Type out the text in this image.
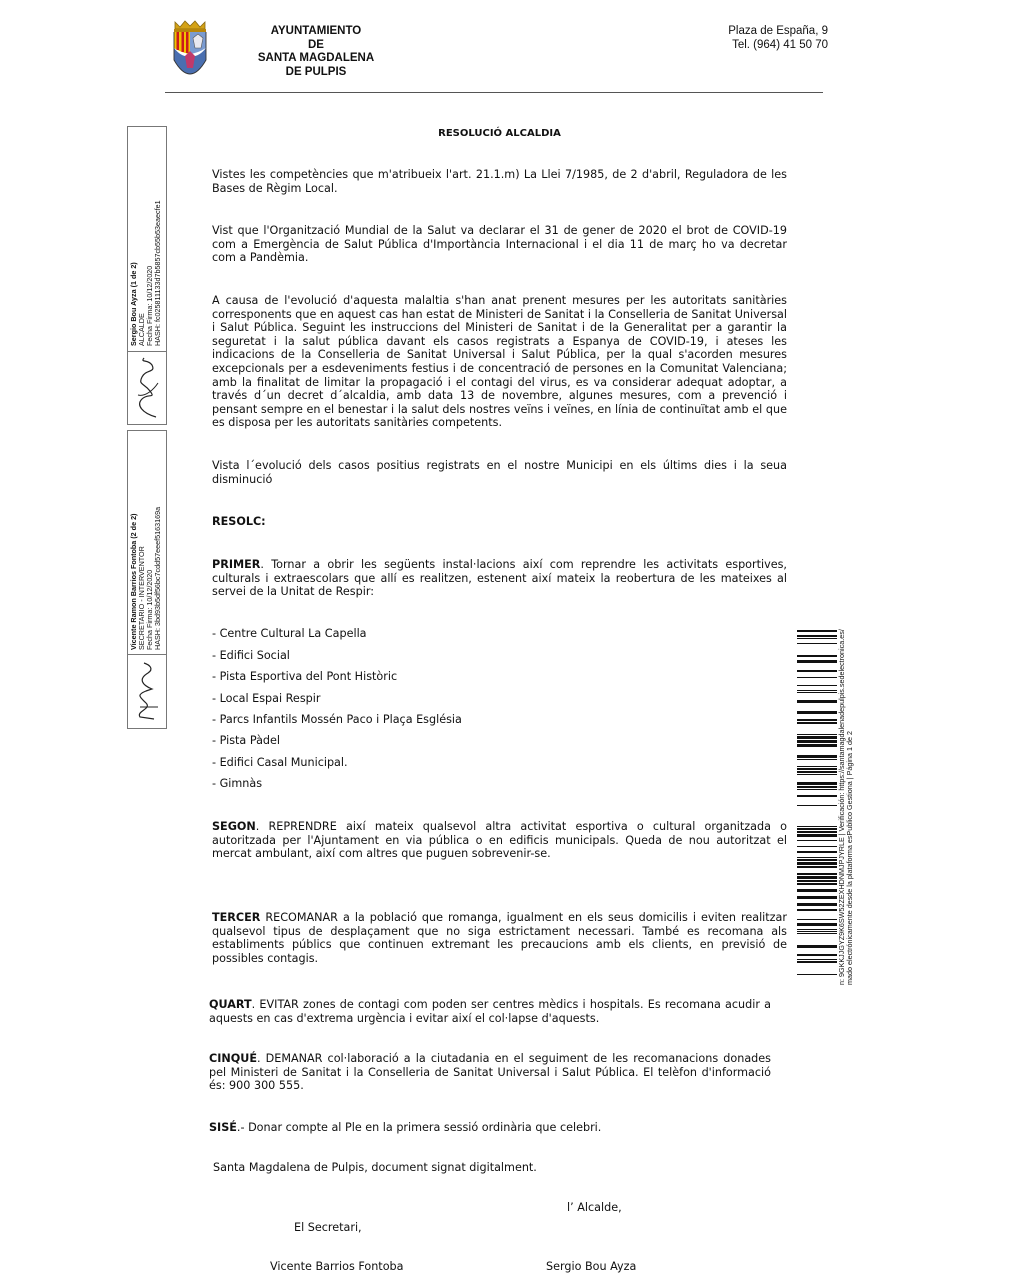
AYUNTAMIENTO
DE
SANTA MAGDALENA
DE PULPIS
Plaza de España, 9
Tel. (964) 41 50 70
Sergio Bou Ayza (1 de 2) ALCALDE Fecha Firma: 10/12/2020 HASH: fc025811133d7b5857cb55b53eaecfe1
Vicente Ramon Barrios Fontoba (2 de 2) SECRETARIO - INTERVENTOR Fecha Firma: 10/12/2020 HASH: 3bd93b5df56bc7cdd57eeef5163169a
n: 9GKKJJGYZ9K6SW52ZEXHDNMJPJYRLE | Verificación: https://santamagdalenadepulpis.sedelectronica.es/ mado electrónicamente desde la plataforma esPublico Gestiona | Página 1 de 2
RESOLUCIÓ ALCALDIA
Vistes les competències que m'atribueix l'art. 21.1.m) La Llei 7/1985, de 2 d'abril, Reguladora de les Bases de Règim Local.
Vist que l'Organització Mundial de la Salut va declarar el 31 de gener de 2020 el brot de COVID-19 com a Emergència de Salut Pública d'Importància Internacional i el dia 11 de març ho va decretar com a Pandèmia.
A causa de l'evolució d'aquesta malaltia s'han anat prenent mesures per les autoritats sanitàries corresponents que en aquest cas han estat de Ministeri de Sanitat i la Conselleria de Sanitat Universal i Salut Pública. Seguint les instruccions del Ministeri de Sanitat i de la Generalitat per a garantir la seguretat i la salut pública davant els casos registrats a Espanya de COVID-19, i ateses les indicacions de la Conselleria de Sanitat Universal i Salut Pública, per la qual s'acorden mesures excepcionals per a esdeveniments festius i de concentració de persones en la Comunitat Valenciana; amb la finalitat de limitar la propagació i el contagi del virus, es va considerar adequat adoptar, a través d´un decret d´alcaldia, amb data 13 de novembre, algunes mesures, com a prevenció i pensant sempre en el benestar i la salut dels nostres veïns i veïnes, en línia de continuïtat amb el que es disposa per les autoritats sanitàries competents.
Vista l´evolució dels casos positius registrats en el nostre Municipi en els últims dies i la seua disminució
RESOLC:
PRIMER. Tornar a obrir les següents instal·lacions així com reprendre les activitats esportives, culturals i extraescolars que allí es realitzen, estenent així mateix la reobertura de les mateixes al servei de la Unitat de Respir:
- Centre Cultural La Capella
- Edifici Social
- Pista Esportiva del Pont Històric
- Local Espai Respir
- Parcs Infantils Mossén Paco i Plaça Església
- Pista Pàdel
- Edifici Casal Municipal.
- Gimnàs
SEGON. REPRENDRE així mateix qualsevol altra activitat esportiva o cultural organitzada o autoritzada per l'Ajuntament en via pública o en edificis municipals. Queda de nou autoritzat el mercat ambulant, així com altres que puguen sobrevenir-se.
TERCER RECOMANAR a la població que romanga, igualment en els seus domicilis i eviten realitzar qualsevol tipus de desplaçament que no siga estrictament necessari. També es recomana als establiments públics que continuen extremant les precaucions amb els clients, en previsió de possibles contagis.
QUART. EVITAR zones de contagi com poden ser centres mèdics i hospitals. Es recomana acudir a aquests en cas d'extrema urgència i evitar així el col·lapse d'aquests.
CINQUÉ. DEMANAR col·laboració a la ciutadania en el seguiment de les recomanacions donades pel Ministeri de Sanitat i la Conselleria de Sanitat Universal i Salut Pública. El telèfon d'informació és: 900 300 555.
SISÉ.- Donar compte al Ple en la primera sessió ordinària que celebri.
Santa Magdalena de Pulpis, document signat digitalment.
l’ Alcalde,
El Secretari,
Vicente Barrios Fontoba	Sergio Bou Ayza
